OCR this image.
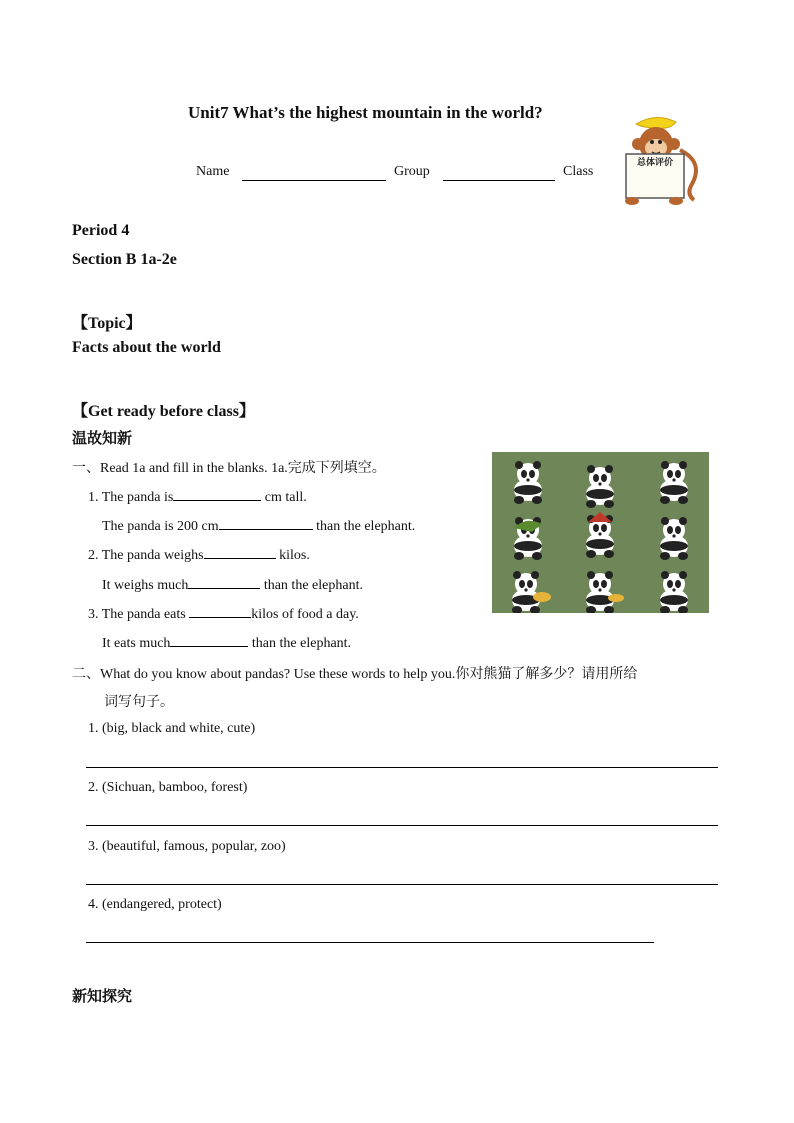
Unit7 What’s the highest mountain in the world?
Name	Group	Class
总体评价
Period 4
Section B 1a-2e
【Topic】
Facts about the world
【Get ready before class】
温故知新
一、Read 1a and fill in the blanks. 1a.完成下列填空。
1. The panda is	cm tall.
The panda is 200 cm	than the elephant.
2. The panda weighs	kilos.
It weighs much	than the elephant.
3. The panda eats	kilos of food a day.
It eats much	than the elephant.
二、What do you know about pandas? Use these words to help you.你对熊猫了解多少？请用所给
词写句子。
1. (big, black and white, cute)
2. (Sichuan, bamboo, forest)
3. (beautiful, famous, popular, zoo)
4. (endangered, protect)
新知探究
